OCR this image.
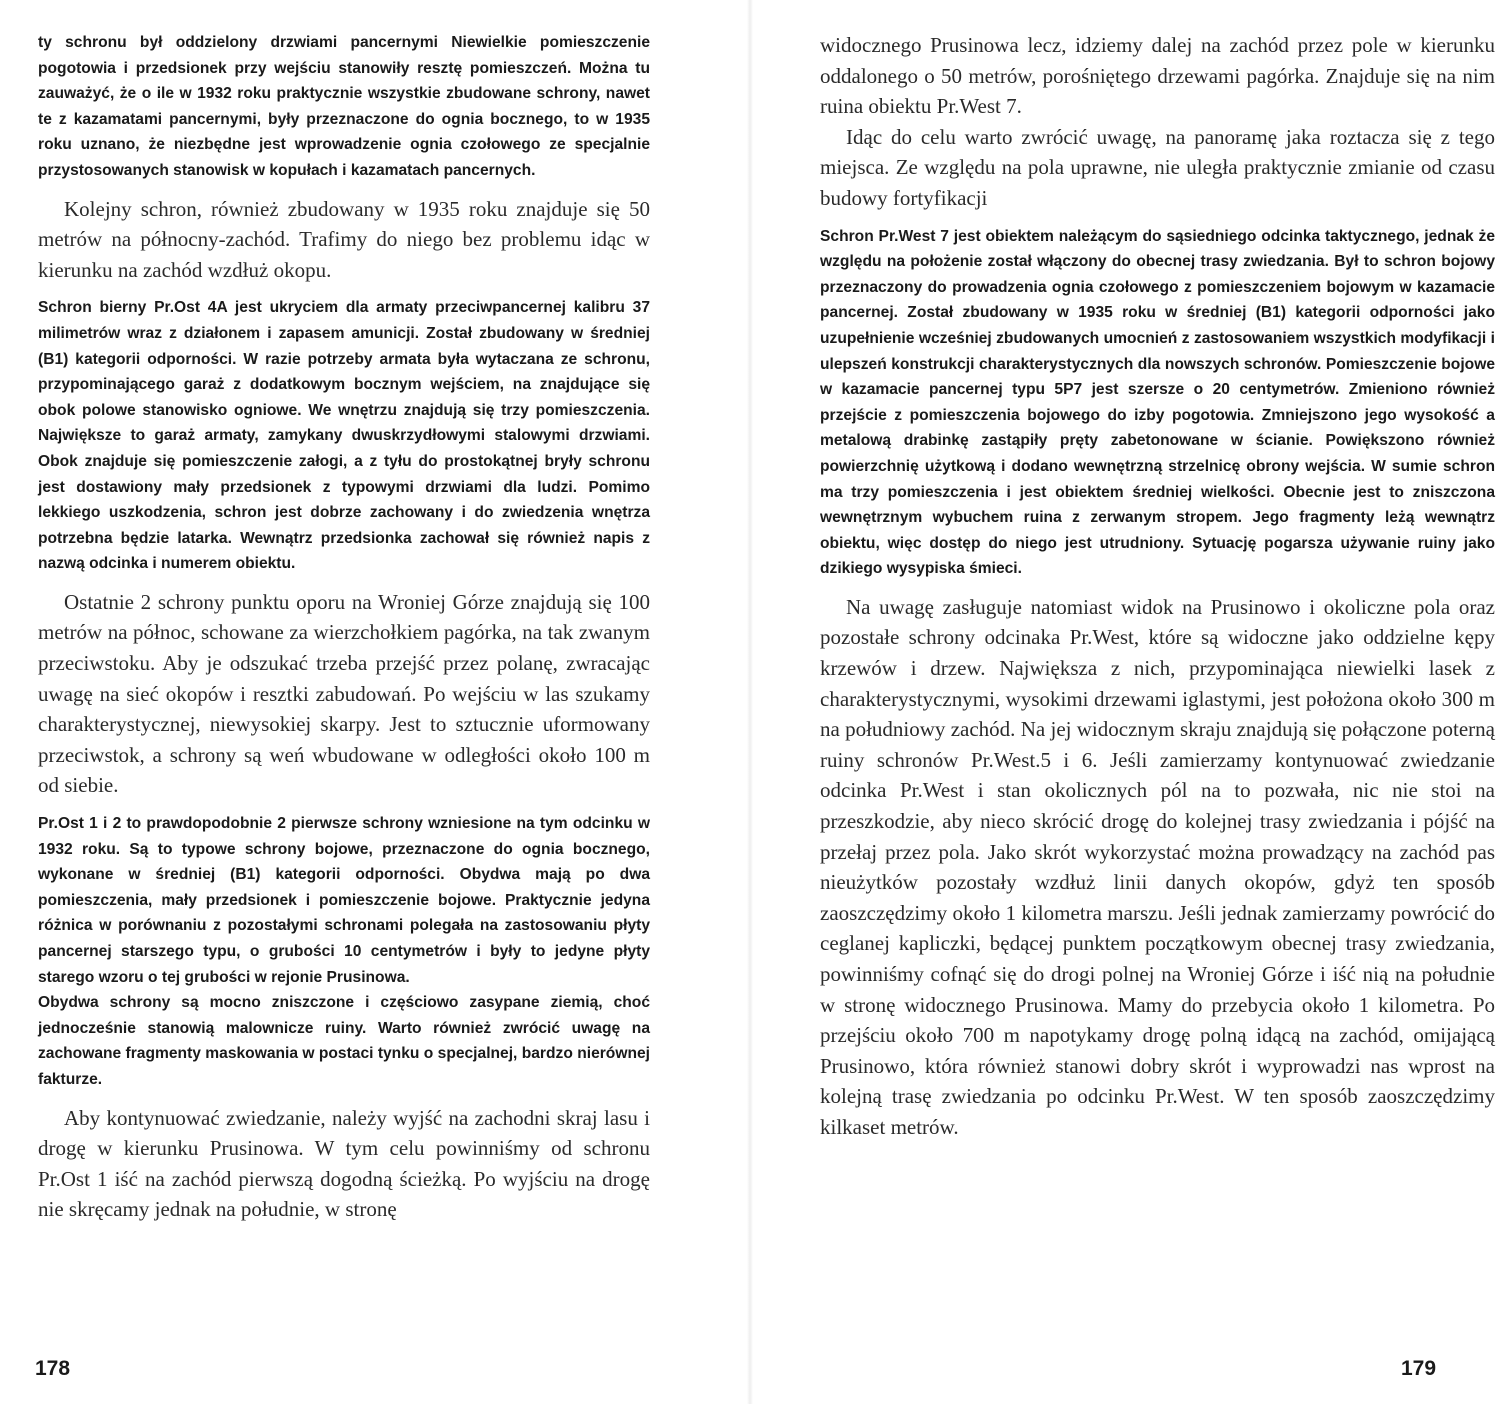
ty schronu był oddzielony drzwiami pancernymi Niewielkie pomieszczenie pogotowia i przedsionek przy wejściu stanowiły resztę pomieszczeń. Można tu zauważyć, że o ile w 1932 roku praktycznie wszystkie zbudowane schrony, nawet te z kazamatami pancernymi, były przeznaczone do ognia bocznego, to w 1935 roku uznano, że niezbędne jest wprowadzenie ognia czołowego ze specjalnie przystosowanych stanowisk w kopułach i kazamatach pancernych.

Kolejny schron, również zbudowany w 1935 roku znajduje się 50 metrów na północny-zachód. Trafimy do niego bez problemu idąc w kierunku na zachód wzdłuż okopu.

Schron bierny Pr.Ost 4A jest ukryciem dla armaty przeciwpancernej kalibru 37 milimetrów wraz z działonem i zapasem amunicji. Został zbudowany w średniej (B1) kategorii odporności. W razie potrzeby armata była wytaczana ze schronu, przypominającego garaż z dodatkowym bocznym wejściem, na znajdujące się obok polowe stanowisko ogniowe. We wnętrzu znajdują się trzy pomieszczenia. Największe to garaż armaty, zamykany dwuskrzydłowymi stalowymi drzwiami. Obok znajduje się pomieszczenie załogi, a z tyłu do prostokątnej bryły schronu jest dostawiony mały przedsionek z typowymi drzwiami dla ludzi. Pomimo lekkiego uszkodzenia, schron jest dobrze zachowany i do zwiedzenia wnętrza potrzebna będzie latarka. Wewnątrz przedsionka zachował się również napis z nazwą odcinka i numerem obiektu.

Ostatnie 2 schrony punktu oporu na Wroniej Górze znajdują się 100 metrów na północ, schowane za wierzchołkiem pagórka, na tak zwanym przeciwstoku. Aby je odszukać trzeba przejść przez polanę, zwracając uwagę na sieć okopów i resztki zabudowań. Po wejściu w las szukamy charakterystycznej, niewysokiej skarpy. Jest to sztucznie uformowany przeciwstok, a schrony są weń wbudowane w odległości około 100 m od siebie.

Pr.Ost 1 i 2 to prawdopodobnie 2 pierwsze schrony wzniesione na tym odcinku w 1932 roku. Są to typowe schrony bojowe, przeznaczone do ognia bocznego, wykonane w średniej (B1) kategorii odporności. Obydwa mają po dwa pomieszczenia, mały przedsionek i pomieszczenie bojowe. Praktycznie jedyna różnica w porównaniu z pozostałymi schronami polegała na zastosowaniu płyty pancernej starszego typu, o grubości 10 centymetrów i były to jedyne płyty starego wzoru o tej grubości w rejonie Prusinowa.

Obydwa schrony są mocno zniszczone i częściowo zasypane ziemią, choć jednocześnie stanowią malownicze ruiny. Warto również zwrócić uwagę na zachowane fragmenty maskowania w postaci tynku o specjalnej, bardzo nierównej fakturze.

Aby kontynuować zwiedzanie, należy wyjść na zachodni skraj lasu i drogę w kierunku Prusinowa. W tym celu powinniśmy od schronu Pr.Ost 1 iść na zachód pierwszą dogodną ścieżką. Po wyjściu na drogę nie skręcamy jednak na południe, w stronę

178

widocznego Prusinowa lecz, idziemy dalej na zachód przez pole w kierunku oddalonego o 50 metrów, porośniętego drzewami pagórka. Znajduje się na nim ruina obiektu Pr.West 7.

Idąc do celu warto zwrócić uwagę, na panoramę jaka roztacza się z tego miejsca. Ze względu na pola uprawne, nie uległa praktycznie zmianie od czasu budowy fortyfikacji

Schron Pr.West 7 jest obiektem należącym do sąsiedniego odcinka taktycznego, jednak że względu na położenie został włączony do obecnej trasy zwiedzania. Był to schron bojowy przeznaczony do prowadzenia ognia czołowego z pomieszczeniem bojowym w kazamacie pancernej. Został zbudowany w 1935 roku w średniej (B1) kategorii odporności jako uzupełnienie wcześniej zbudowanych umocnień z zastosowaniem wszystkich modyfikacji i ulepszeń konstrukcji charakterystycznych dla nowszych schronów. Pomieszczenie bojowe w kazamacie pancernej typu 5P7 jest szersze o 20 centymetrów. Zmieniono również przejście z pomieszczenia bojowego do izby pogotowia. Zmniejszono jego wysokość a metalową drabinkę zastąpiły pręty zabetonowane w ścianie. Powiększono również powierzchnię użytkową i dodano wewnętrzną strzelnicę obrony wejścia. W sumie schron ma trzy pomieszczenia i jest obiektem średniej wielkości. Obecnie jest to zniszczona wewnętrznym wybuchem ruina z zerwanym stropem. Jego fragmenty leżą wewnątrz obiektu, więc dostęp do niego jest utrudniony. Sytuację pogarsza używanie ruiny jako dzikiego wysypiska śmieci.

Na uwagę zasługuje natomiast widok na Prusinowo i okoliczne pola oraz pozostałe schrony odcinaka Pr.West, które są widoczne jako oddzielne kępy krzewów i drzew. Największa z nich, przypominająca niewielki lasek z charakterystycznymi, wysokimi drzewami iglastymi, jest położona około 300 m na południowy zachód. Na jej widocznym skraju znajdują się połączone poterną ruiny schronów Pr.West.5 i 6. Jeśli zamierzamy kontynuować zwiedzanie odcinka Pr.West i stan okolicznych pól na to pozwała, nic nie stoi na przeszkodzie, aby nieco skrócić drogę do kolejnej trasy zwiedzania i pójść na przełaj przez pola. Jako skrót wykorzystać można prowadzący na zachód pas nieużytków pozostały wzdłuż linii danych okopów, gdyż ten sposób zaoszczędzimy około 1 kilometra marszu. Jeśli jednak zamierzamy powrócić do ceglanej kapliczki, będącej punktem początkowym obecnej trasy zwiedzania, powinniśmy cofnąć się do drogi polnej na Wroniej Górze i iść nią na południe w stronę widocznego Prusinowa. Mamy do przebycia około 1 kilometra. Po przejściu około 700 m napotykamy drogę polną idącą na zachód, omijającą Prusinowo, która również stanowi dobry skrót i wyprowadzi nas wprost na kolejną trasę zwiedzania po odcinku Pr.West. W ten sposób zaoszczędzimy kilkaset metrów.

179
